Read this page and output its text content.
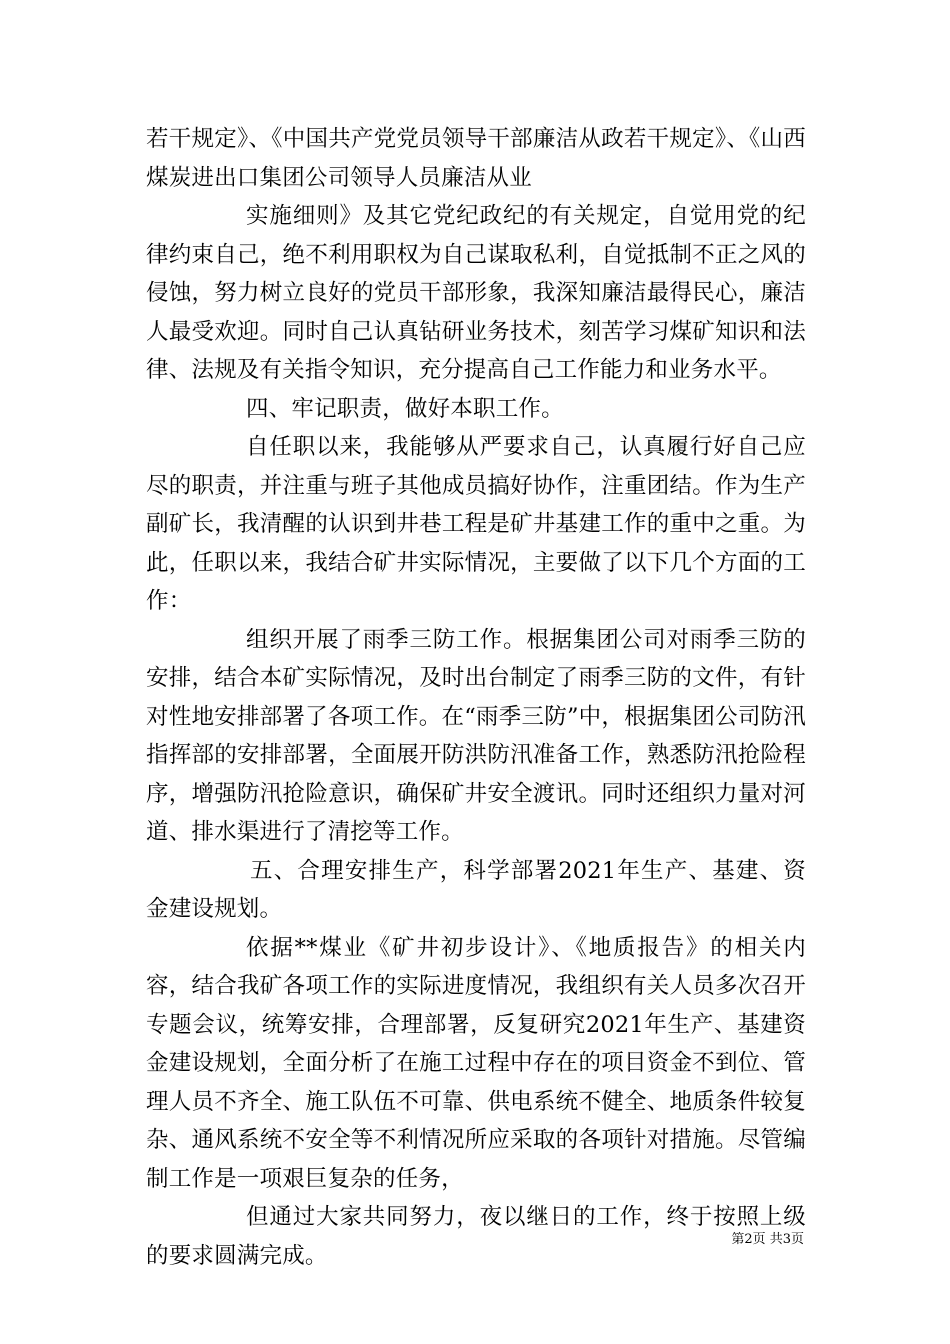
若干规定》、《中国共产党党员领导干部廉洁从政若干规定》、《山西煤炭进出口集团公司领导人员廉洁从业

实施细则》及其它党纪政纪的有关规定，自觉用党的纪律约束自己，绝不利用职权为自己谋取私利，自觉抵制不正之风的侵蚀，努力树立良好的党员干部形象，我深知廉洁最得民心，廉洁人最受欢迎。同时自己认真钻研业务技术，刻苦学习煤矿知识和法律、法规及有关指令知识，充分提高自己工作能力和业务水平。

四、牢记职责，做好本职工作。

自任职以来，我能够从严要求自己，认真履行好自己应尽的职责，并注重与班子其他成员搞好协作，注重团结。作为生产副矿长，我清醒的认识到井巷工程是矿井基建工作的重中之重。为此，任职以来，我结合矿井实际情况，主要做了以下几个方面的工作：

组织开展了雨季三防工作。根据集团公司对雨季三防的安排，结合本矿实际情况，及时出台制定了雨季三防的文件，有针对性地安排部署了各项工作。在“雨季三防”中，根据集团公司防汛指挥部的安排部署，全面展开防洪防汛准备工作，熟悉防汛抢险程序，增强防汛抢险意识，确保矿井安全渡讯。同时还组织力量对河道、排水渠进行了清挖等工作。

五、合理安排生产，科学部署2021年生产、基建、资金建设规划。

依据**煤业《矿井初步设计》、《地质报告》的相关内容，结合我矿各项工作的实际进度情况，我组织有关人员多次召开专题会议，统筹安排，合理部署，反复研究2021年生产、基建资金建设规划，全面分析了在施工过程中存在的项目资金不到位、管理人员不齐全、施工队伍不可靠、供电系统不健全、地质条件较复杂、通风系统不安全等不利情况所应采取的各项针对措施。尽管编制工作是一项艰巨复杂的任务，

但通过大家共同努力，夜以继日的工作，终于按照上级的要求圆满完成。

第2页 共3页
